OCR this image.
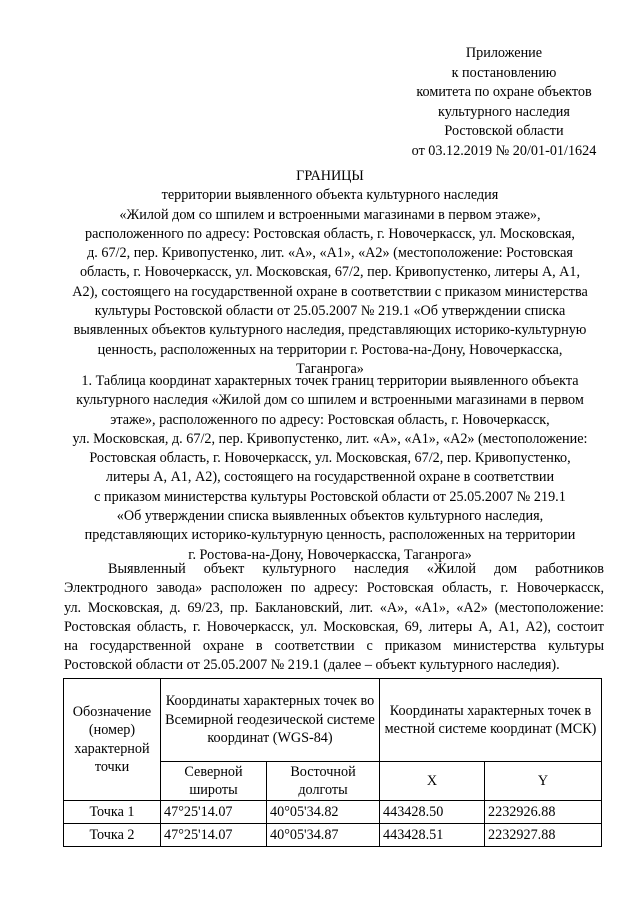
Приложение
к постановлению
комитета по охране объектов
культурного наследия
Ростовской области
от 03.12.2019 № 20/01-01/1624
ГРАНИЦЫ
территории выявленного объекта культурного наследия
«Жилой дом со шпилем и встроенными магазинами в первом этаже»,
расположенного по адресу: Ростовская область, г. Новочеркасск, ул. Московская,
д. 67/2, пер. Кривопустенко, лит. «А», «А1», «А2» (местоположение: Ростовская
область, г. Новочеркасск, ул. Московская, 67/2, пер. Кривопустенко, литеры А, А1,
А2), состоящего на государственной охране в соответствии с приказом министерства
культуры Ростовской области от 25.05.2007 № 219.1 «Об утверждении списка
выявленных объектов культурного наследия, представляющих историко-культурную
ценность, расположенных на территории г. Ростова-на-Дону, Новочеркасска,
Таганрога»
1. Таблица координат характерных точек границ территории выявленного объекта
культурного наследия «Жилой дом со шпилем и встроенными магазинами в первом
этаже», расположенного по адресу: Ростовская область, г. Новочеркасск,
ул. Московская, д. 67/2, пер. Кривопустенко, лит. «А», «А1», «А2» (местоположение:
Ростовская область, г. Новочеркасск, ул. Московская, 67/2, пер. Кривопустенко,
литеры А, А1, А2), состоящего на государственной охране в соответствии
с приказом министерства культуры Ростовской области от 25.05.2007 № 219.1
«Об утверждении списка выявленных объектов культурного наследия,
представляющих историко-культурную ценность, расположенных на территории
г. Ростова-на-Дону, Новочеркасска, Таганрога»
Выявленный объект культурного наследия «Жилой дом работников
Электродного завода» расположен по адресу: Ростовская область, г. Новочеркасск,
ул. Московская, д. 69/23, пр. Баклановский, лит. «А», «А1», «А2» (местоположение:
Ростовская область, г. Новочеркасск, ул. Московская, 69, литеры А, А1, А2), состоит
на государственной охране в соответствии с приказом министерства культуры
Ростовской области от 25.05.2007 № 219.1 (далее – объект культурного наследия).
Обозначение (номер) характерной точки	Координаты характерных точек во Всемирной геодезической системе координат (WGS-84)		Координаты характерных точек в местной системе координат (МСК)	
	Северной широты	Восточной долготы	X	Y
Точка 1	47°25'14.07	40°05'34.82	443428.50	2232926.88
Точка 2	47°25'14.07	40°05'34.87	443428.51	2232927.88
